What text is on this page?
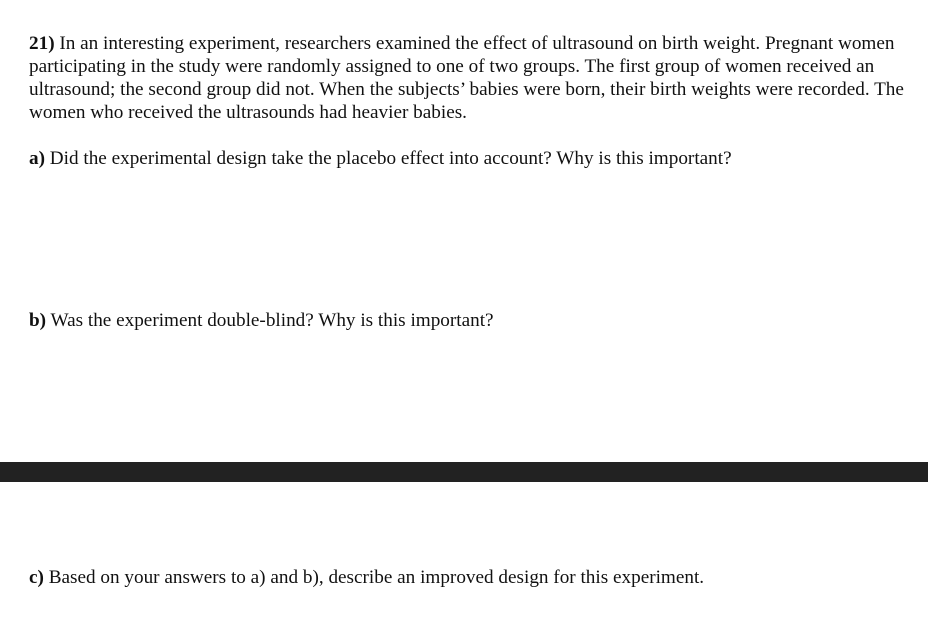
21) In an interesting experiment, researchers examined the effect of ultrasound on birth weight. Pregnant women participating in the study were randomly assigned to one of two groups. The first group of women received an ultrasound; the second group did not. When the subjects’ babies were born, their birth weights were recorded. The women who received the ultrasounds had heavier babies.

a) Did the experimental design take the placebo effect into account? Why is this important?

b) Was the experiment double-blind? Why is this important?

c) Based on your answers to a) and b), describe an improved design for this experiment.
